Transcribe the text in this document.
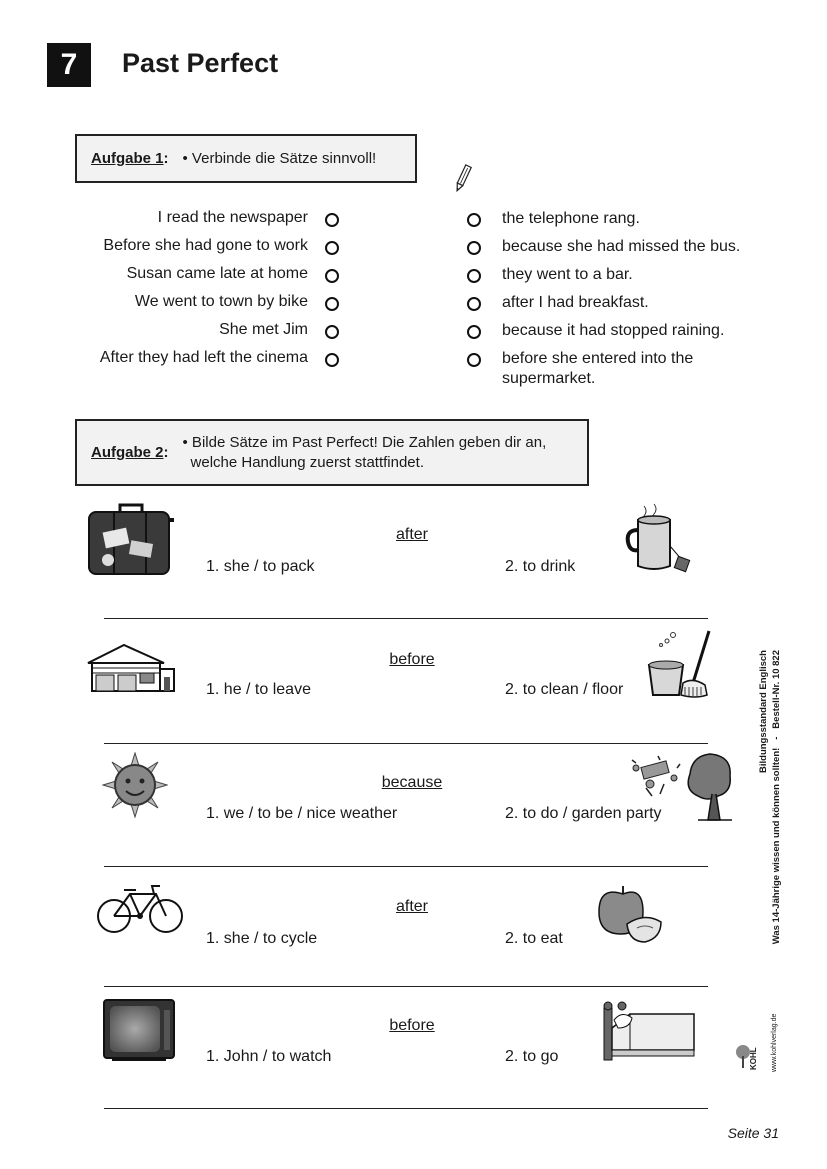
7	Past Perfect
Aufgabe 1 : • Verbinde die Sätze sinnvoll!
I read the newspaper	the telephone rang.
Before she had gone to work	because she had missed the bus.
Susan came late at home	they went to a bar.
We went to town by bike	after I had breakfast.
She met Jim	because it had stopped raining.
After they had left the cinema	before she entered into the supermarket.
Aufgabe 2 :
• Bilde Sätze im Past Perfect! Die Zahlen geben dir an, welche Handlung zuerst stattfindet.
after
1. she / to pack	2. to drink
before
1. he / to leave	2. to clean / floor
because
1. we / to be / nice weather	2. to do / garden party
after
1. she / to cycle	2. to eat
before
1. John / to watch	2. to go
Bildungsstandard Englisch
Was 14-Jährige wissen und können sollten!   -   Bestell-Nr. 10 822
KOHL	www.kohlverlag.de
Seite 31
